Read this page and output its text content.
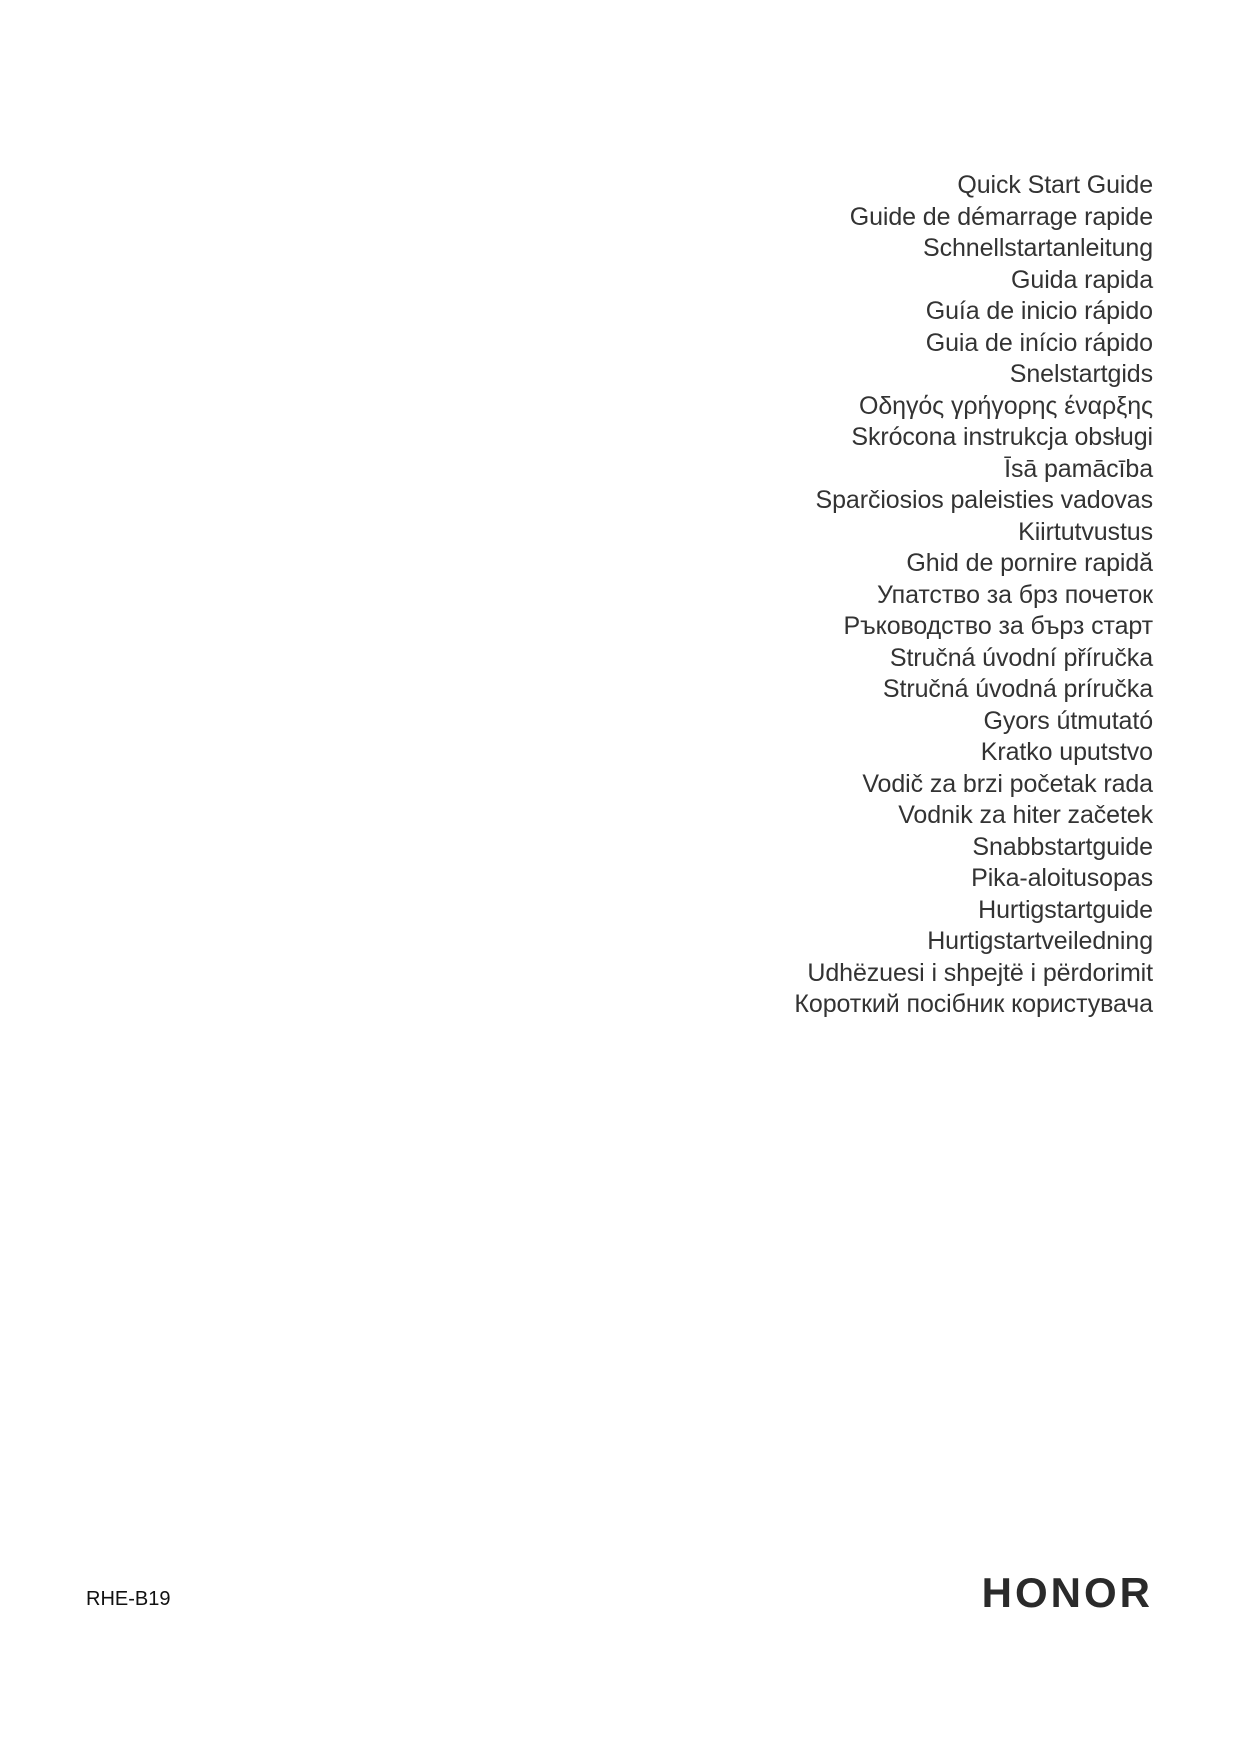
Quick Start Guide
Guide de démarrage rapide
Schnellstartanleitung
Guida rapida
Guía de inicio rápido
Guia de início rápido
Snelstartgids
Οδηγός γρήγορης έναρξης
Skrócona instrukcja obsługi
Īsā pamācība
Sparčiosios paleisties vadovas
Kiirtutvustus
Ghid de pornire rapidă
Упатство за брз почеток
Ръководство за бърз старт
Stručná úvodní příručka
Stručná úvodná príručka
Gyors útmutató
Kratko uputstvo
Vodič za brzi početak rada
Vodnik za hiter začetek
Snabbstartguide
Pika-aloitusopas
Hurtigstartguide
Hurtigstartveiledning
Udhëzuesi i shpejtë i përdorimit
Короткий посібник користувача
RHE-B19	HONOR
